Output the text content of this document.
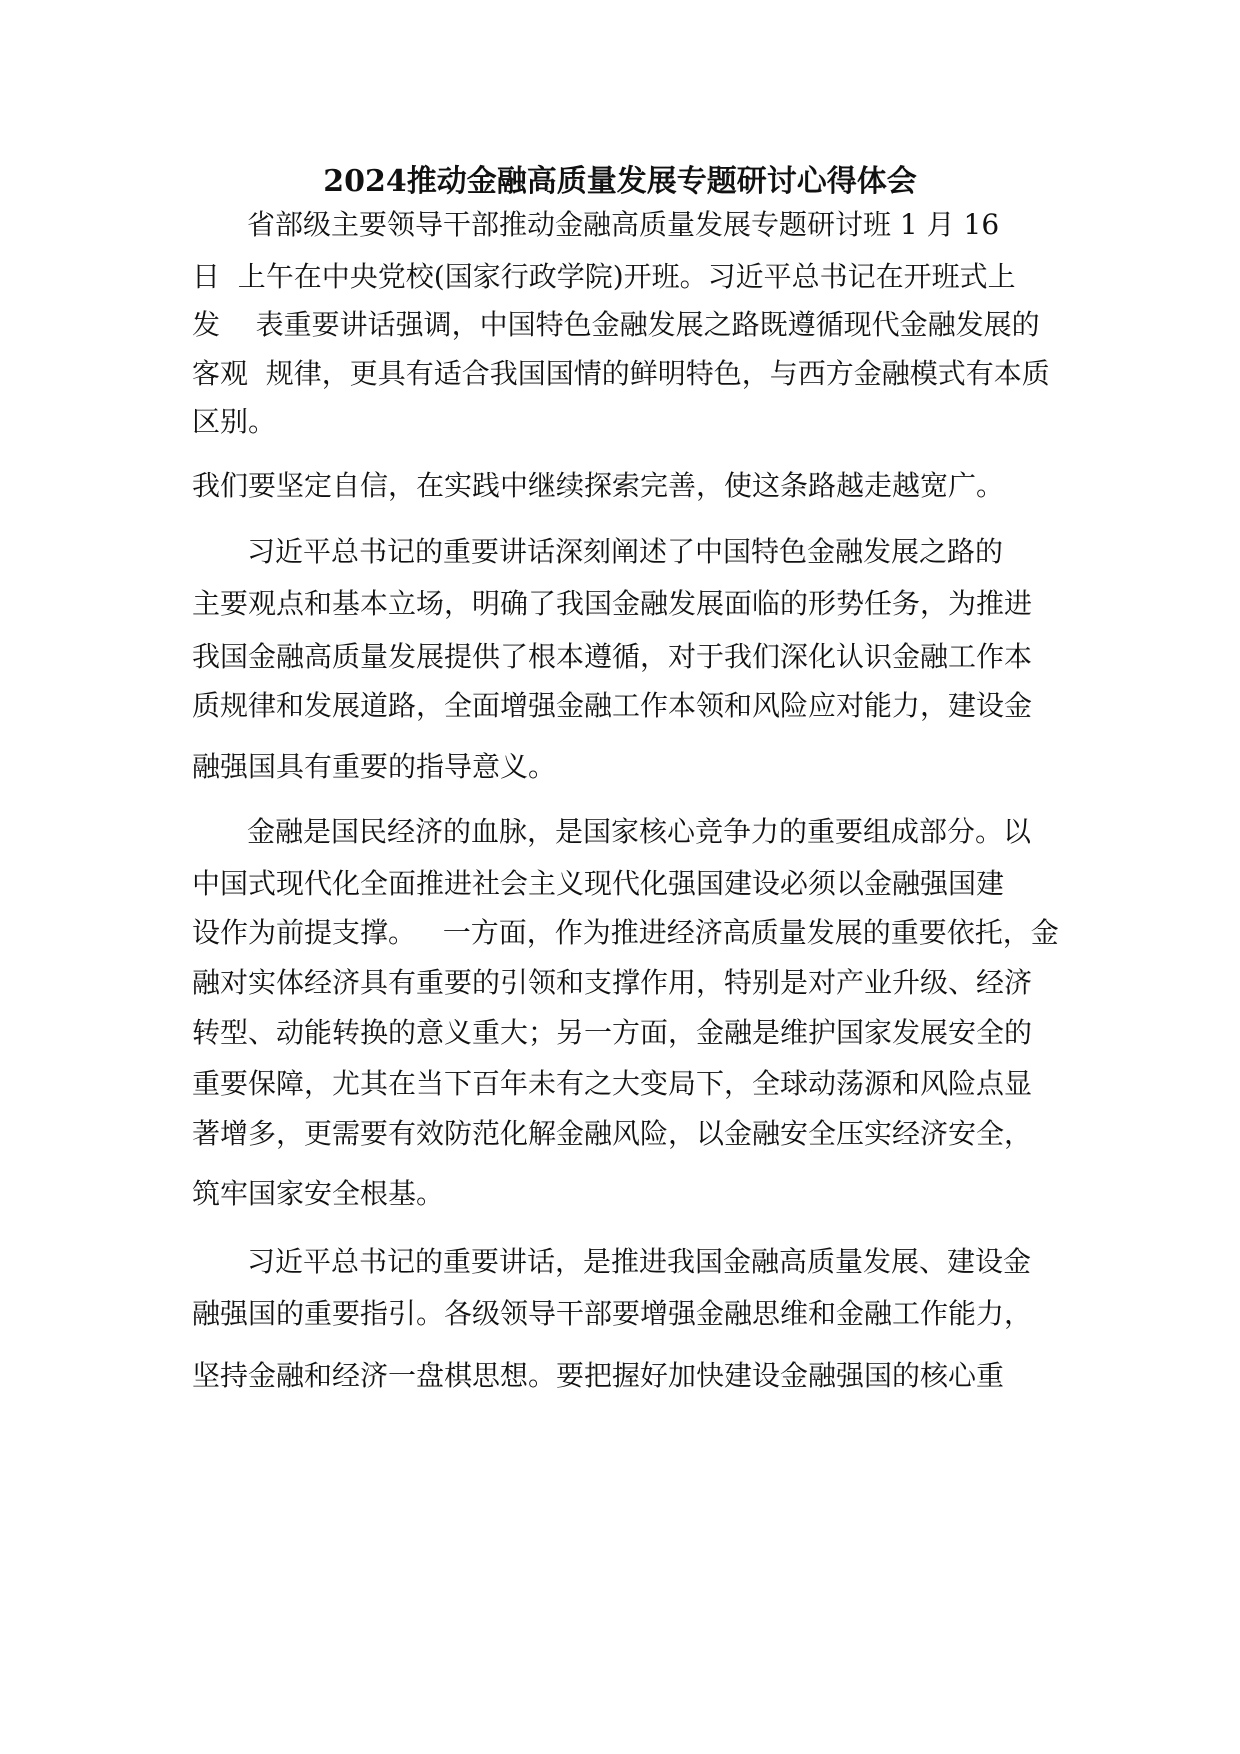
2024推动金融高质量发展专题研讨心得体会
省部级主要领导干部推动金融高质量发展专题研讨班 1 月 16
日  上午在中央党校(国家行政学院)开班。习近平总书记在开班式上
发    表重要讲话强调，中国特色金融发展之路既遵循现代金融发展的
客观  规律，更具有适合我国国情的鲜明特色，与西方金融模式有本质
区别。
我们要坚定自信，在实践中继续探索完善，使这条路越走越宽广。
习近平总书记的重要讲话深刻阐述了中国特色金融发展之路的
主要观点和基本立场，明确了我国金融发展面临的形势任务，为推进
我国金融高质量发展提供了根本遵循，对于我们深化认识金融工作本
质规律和发展道路，全面增强金融工作本领和风险应对能力，建设金
融强国具有重要的指导意义。
金融是国民经济的血脉，是国家核心竞争力的重要组成部分。以
中国式现代化全面推进社会主义现代化强国建设必须以金融强国建
设作为前提支撑。   一方面，作为推进经济高质量发展的重要依托，金
融对实体经济具有重要的引领和支撑作用，特别是对产业升级、经济
转型、动能转换的意义重大；另一方面，金融是维护国家发展安全的
重要保障，尤其在当下百年未有之大变局下，全球动荡源和风险点显
著增多，更需要有效防范化解金融风险，以金融安全压实经济安全，
筑牢国家安全根基。
习近平总书记的重要讲话，是推进我国金融高质量发展、建设金
融强国的重要指引。各级领导干部要增强金融思维和金融工作能力，
坚持金融和经济一盘棋思想。要把握好加快建设金融强国的核心重
